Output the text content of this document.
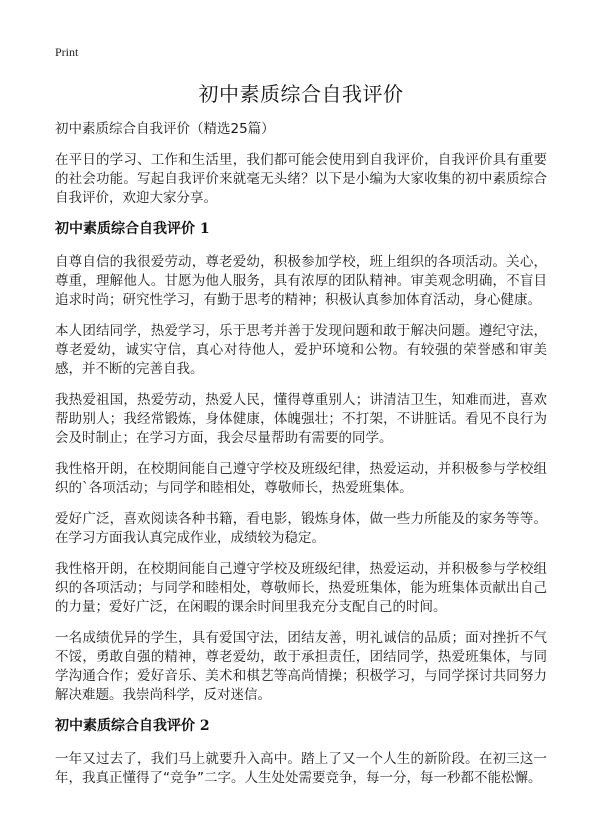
Print
初中素质综合自我评价
初中素质综合自我评价（精选25篇）

在平日的学习、工作和生活里，我们都可能会使用到自我评价，自我评价具有重要的社会功能。写起自我评价来就毫无头绪？以下是小编为大家收集的初中素质综合自我评价，欢迎大家分享。

初中素质综合自我评价 1

自尊自信的我很爱劳动，尊老爱幼，积极参加学校，班上组织的各项活动。关心，尊重，理解他人。甘愿为他人服务，具有浓厚的团队精神。审美观念明确，不盲目追求时尚；研究性学习，有勤于思考的精神；积极认真参加体育活动，身心健康。

本人团结同学，热爱学习，乐于思考并善于发现问题和敢于解决问题。遵纪守法，尊老爱幼，诚实守信，真心对待他人，爱护环境和公物。有较强的荣誉感和审美感，并不断的完善自我。

我热爱祖国，热爱劳动，热爱人民，懂得尊重别人；讲清洁卫生，知难而进，喜欢帮助别人；我经常锻炼，身体健康，体魄强壮；不打架，不讲脏话。看见不良行为会及时制止；在学习方面，我会尽量帮助有需要的同学。

我性格开朗，在校期间能自己遵守学校及班级纪律，热爱运动，并积极参与学校组织的`各项活动；与同学和睦相处，尊敬师长，热爱班集体。

爱好广泛，喜欢阅读各种书籍，看电影，锻炼身体，做一些力所能及的家务等等。在学习方面我认真完成作业，成绩较为稳定。

我性格开朗，在校期间能自己遵守学校及班级纪律，热爱运动，并积极参与学校组织的各项活动；与同学和睦相处，尊敬师长，热爱班集体，能为班集体贡献出自己的力量；爱好广泛，在闲暇的课余时间里我充分支配自己的时间。

一名成绩优异的学生，具有爱国守法，团结友善，明礼诚信的品质；面对挫折不气不馁，勇敢自强的精神，尊老爱幼，敢于承担责任，团结同学，热爱班集体，与同学沟通合作；爱好音乐、美术和棋艺等高尚情操；积极学习，与同学探讨共同努力解决难题。我崇尚科学，反对迷信。

初中素质综合自我评价 2

一年又过去了，我们马上就要升入高中。踏上了又一个人生的新阶段。在初三这一年，我真正懂得了“竞争”二字。人生处处需要竞争，每一分，每一秒都不能松懈。
